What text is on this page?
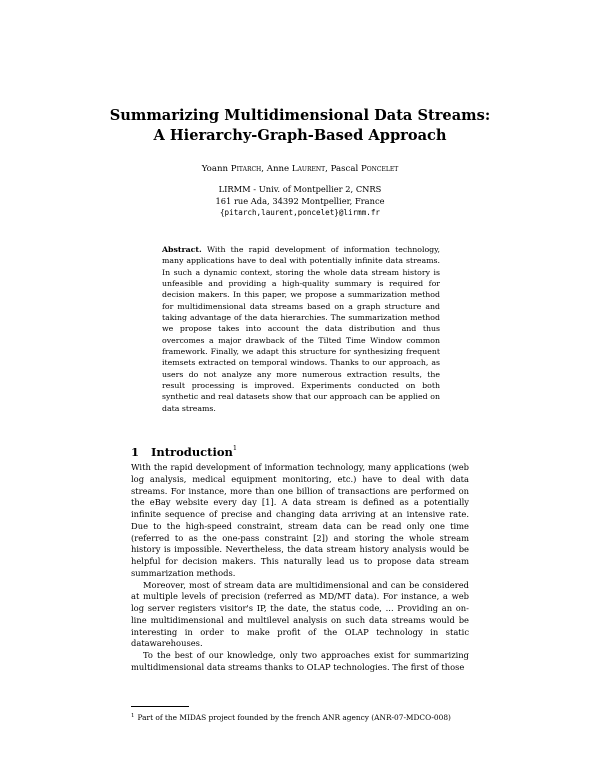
Summarizing Multidimensional Data Streams:
A Hierarchy-Graph-Based Approach
Yoann Pitarch, Anne Laurent, Pascal Poncelet
LIRMM - Univ. of Montpellier 2, CNRS
161 rue Ada, 34392 Montpellier, France
{pitarch,laurent,poncelet}@lirmm.fr
Abstract. With the rapid development of information technology, many applications have to deal with potentially infinite data streams. In such a dynamic context, storing the whole data stream history is unfeasible and providing a high-quality summary is required for decision makers. In this paper, we propose a summarization method for multidimensional data streams based on a graph structure and taking advantage of the data hierarchies. The summarization method we propose takes into account the data distribution and thus overcomes a major drawback of the Tilted Time Window common framework. Finally, we adapt this structure for synthesizing frequent itemsets extracted on temporal windows. Thanks to our approach, as users do not analyze any more numerous extraction results, the result processing is improved. Experiments conducted on both synthetic and real datasets show that our approach can be applied on data streams.
1 Introduction$^1$

With the rapid development of information technology, many applications (web log analysis, medical equipment monitoring, etc.) have to deal with data streams. For instance, more than one billion of transactions are performed on the eBay website every day [1]. A data stream is defined as a potentially infinite sequence of precise and changing data arriving at an intensive rate. Due to the high-speed constraint, stream data can be read only one time (referred to as the one-pass constraint [2]) and storing the whole stream history is impossible. Nevertheless, the data stream history analysis would be helpful for decision makers. This naturally lead us to propose data stream summarization methods.

Moreover, most of stream data are multidimensional and can be considered at multiple levels of precision (referred as MD/MT data). For instance, a web log server registers visitor's IP, the date, the status code, ... Providing an on-line multidimensional and multilevel analysis on such data streams would be interesting in order to make profit of the OLAP technology in static datawarehouses.

To the best of our knowledge, only two approaches exist for summarizing multidimensional data streams thanks to OLAP technologies. The first of those

$^1$ Part of the MIDAS project founded by the french ANR agency (ANR-07-MDCO-008)
